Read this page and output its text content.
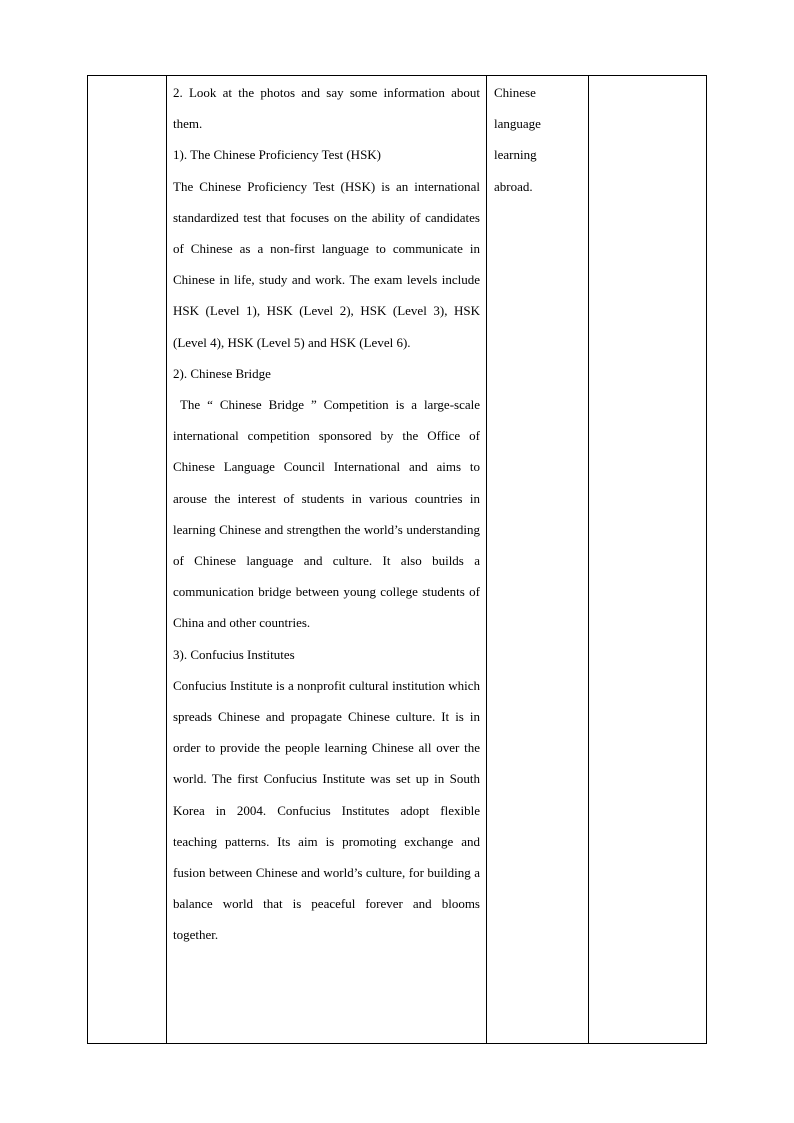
2. Look at the photos and say some information about them.

1). The Chinese Proficiency Test (HSK)

The Chinese Proficiency Test (HSK) is an international standardized test that focuses on the ability of candidates of Chinese as a non-first language to communicate in Chinese in life, study and work. The exam levels include HSK (Level 1), HSK (Level 2), HSK (Level 3), HSK (Level 4), HSK (Level 5) and HSK (Level 6).

2). Chinese Bridge

The “ Chinese Bridge ” Competition is a large-scale international competition sponsored by the Office of Chinese Language Council International and aims to arouse the interest of students in various countries in learning Chinese and strengthen the world’s understanding of Chinese language and culture. It also builds a communication bridge between young college students of China and other countries.

3). Confucius Institutes

Confucius Institute is a nonprofit cultural institution which spreads Chinese and propagate Chinese culture. It is in order to provide the people learning Chinese all over the world. The first Confucius Institute was set up in South Korea in 2004. Confucius Institutes adopt flexible teaching patterns. Its aim is promoting exchange and fusion between Chinese and world’s culture, for building a balance world that is peaceful forever and blooms together.

Chinese language learning abroad.
